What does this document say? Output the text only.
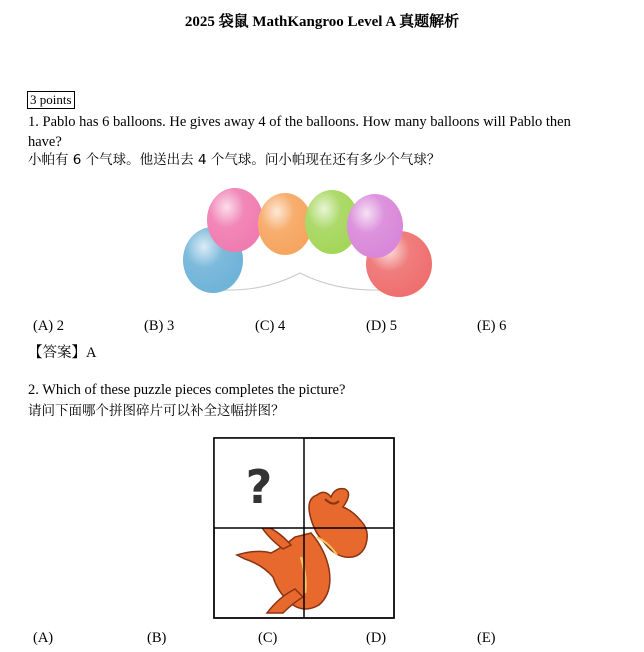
2025 袋鼠 MathKangroo Level A 真题解析
3 points
1. Pablo has 6 balloons. He gives away 4 of the balloons. How many balloons will Pablo then have?
小帕有 6 个气球。他送出去 4 个气球。问小帕现在还有多少个气球？
(A) 2	(B) 3	(C) 4	(D) 5	(E) 6
【答案】A
2. Which of these puzzle pieces completes the picture?
请问下面哪个拼图碎片可以补全这幅拼图？
?
(A)	(B)	(C)	(D)	(E)
